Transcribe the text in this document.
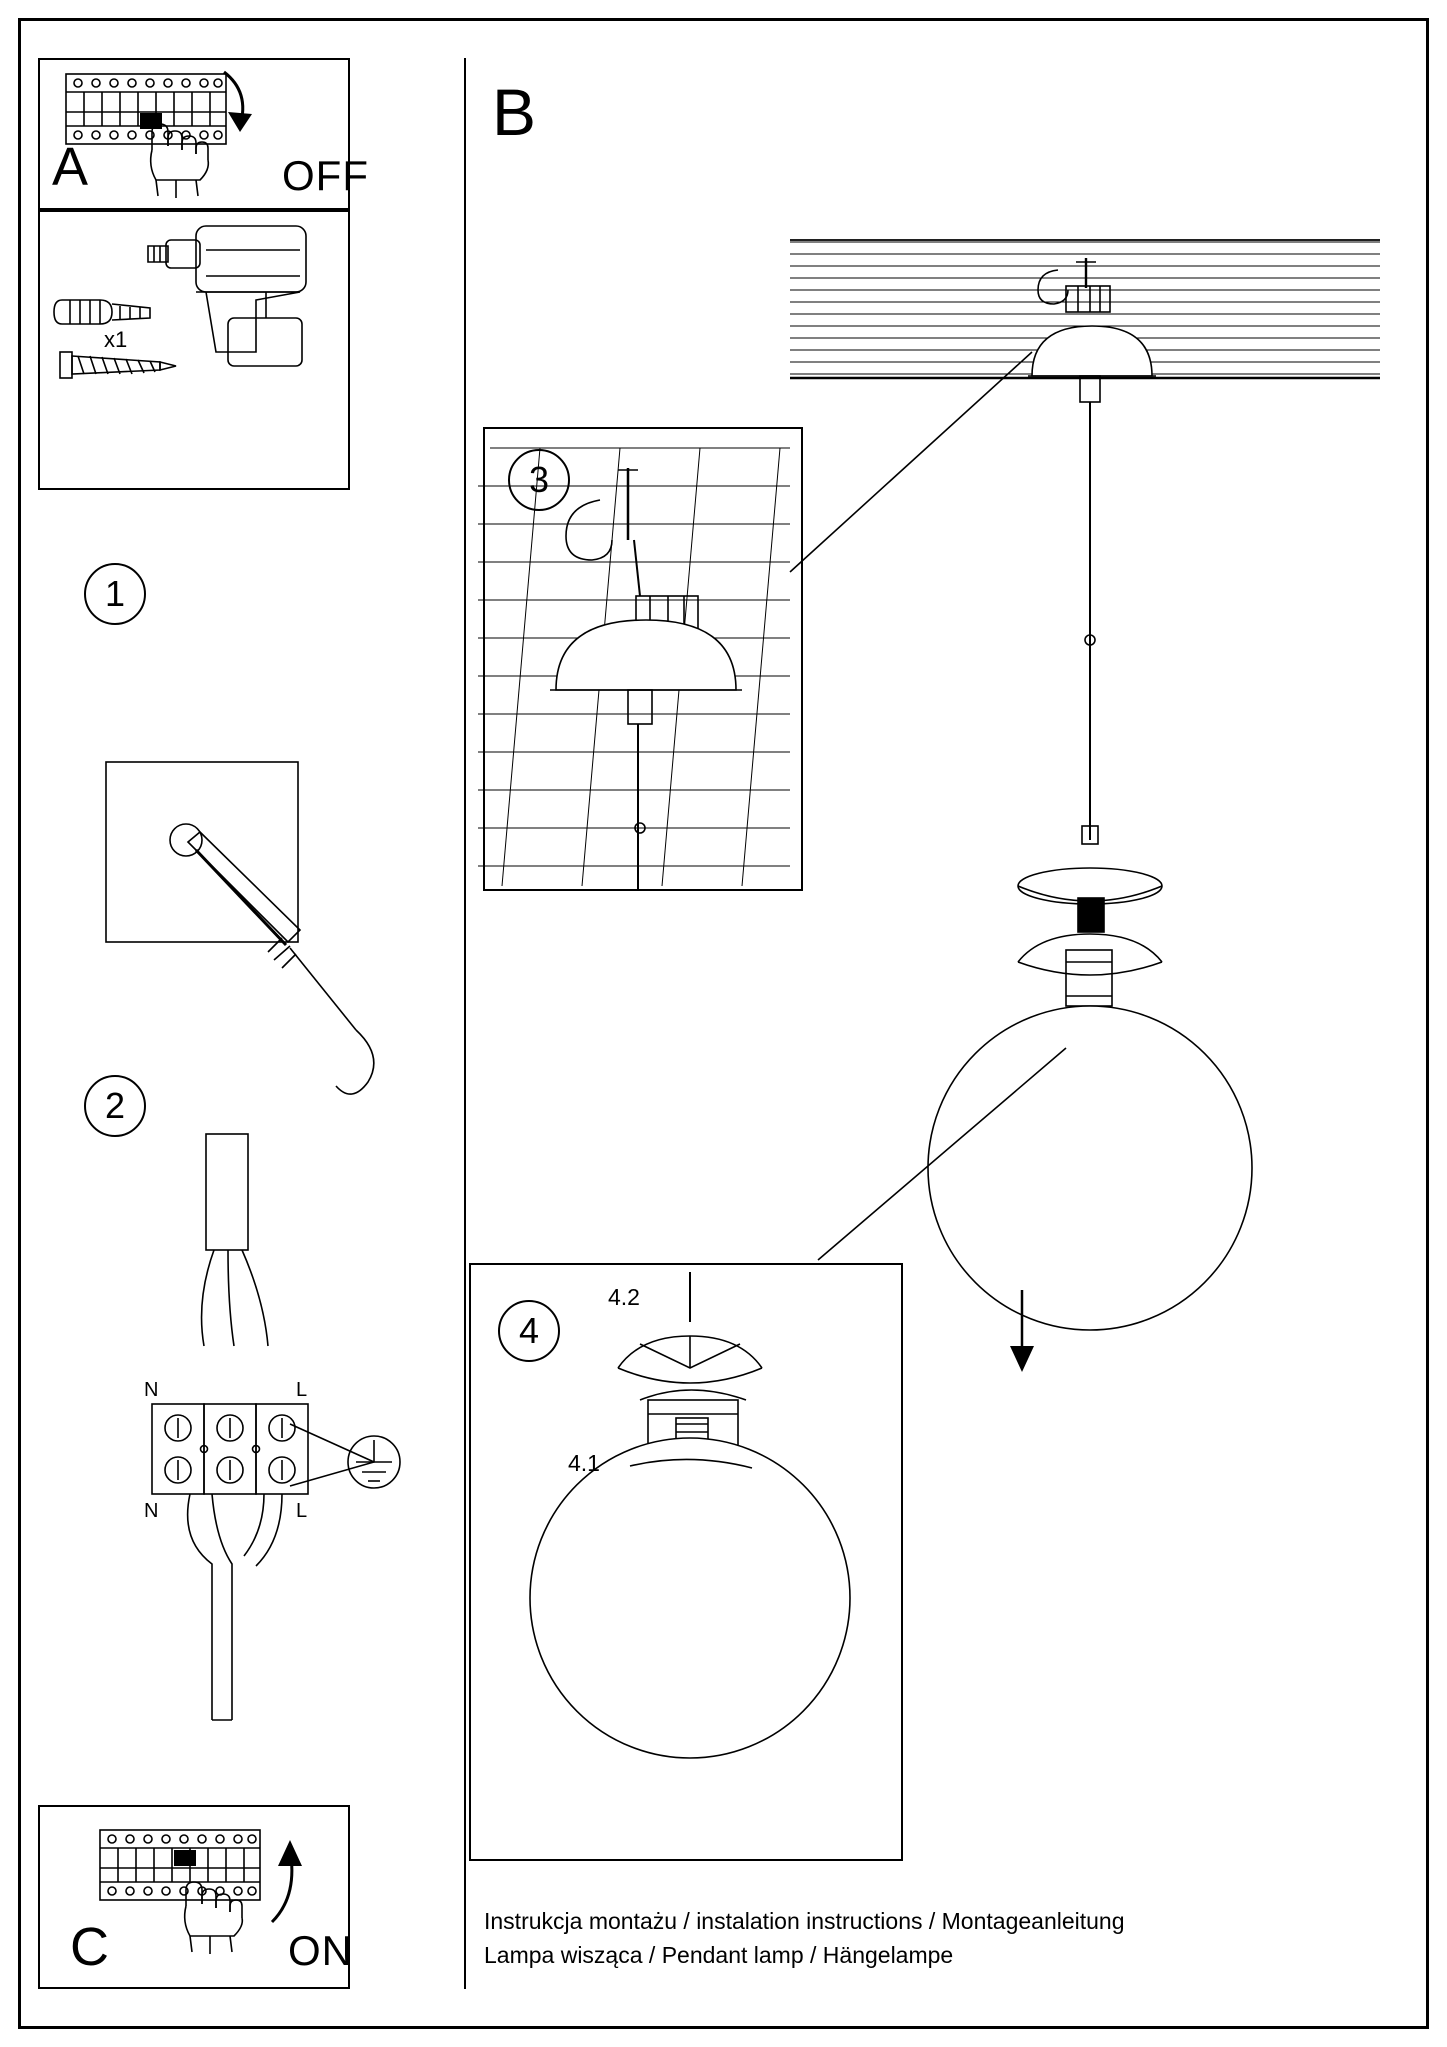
A
x1
C
OFF
ON
B
1
2
3
4
N	L
N	L
4.1
4.2
Instrukcja montażu / instalation instructions / Montageanleitung
Lampa wisząca / Pendant lamp / Hängelampe
